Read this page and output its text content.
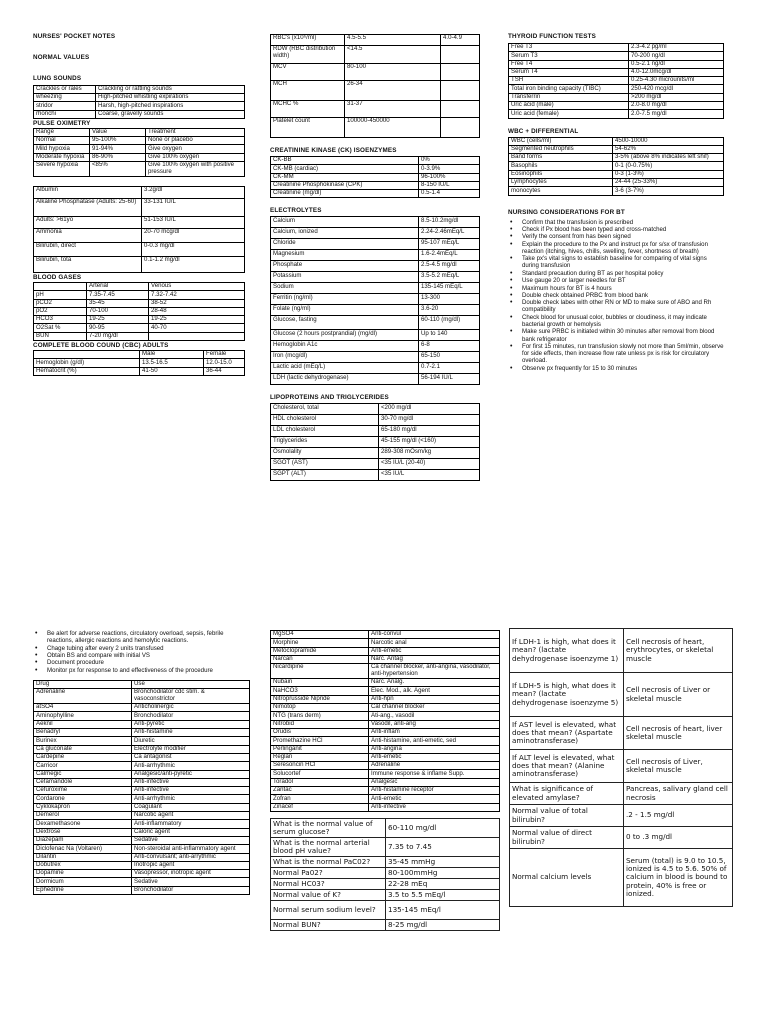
NURSES' POCKET NOTES
NORMAL VALUES
LUNG SOUNDS
Crackles or rales	Crackling or rattling sounds
wheezing	High-pitched whistling expirations
stridor	Harsh, high-pitched inspirations
rhonchi	Coarse, gravelly sounds
PULSE OXIMETRY
Range	Value	Treatment
Normal	95-100%	None or placebo
Mild hypoxia	91-94%	Give oxygen
Moderate hypoxia	86-90%	Give 100% oxygen
Severe hypoxia	<85%	Give 100% oxygen with positive pressure
Albumin	3.2g/dl
Alkaline Phosphatase (Adults: 25-60)	33-131 IU/L
Adults: >61yo	51-153 IU/L
Ammonia	20-70 mcg/dl
Bilirubin, direct	0-0.3 mg/dl
Bilirubin, tota	0.1-1.2 mg/dl
BLOOD GASES
	Arterial	Venous
pH	7.35-7.45	7.32-7.42
pCO2	35-45	38-52
pO2	70-100	28-48
HCO3	19-25	19-25
O2Sat %	90-95	40-70
BUN	7-20 mg/dl	
COMPLETE BLOOD COUND (CBC) ADULTS
	Male	Female
Hemoglobin (g/dl)	13.5-16.5	12.0-15.0
Hematocrit (%)	41-50	36-44
RBC's (x10⁶/ml)	4.5-5.5	4.0-4.9
RDW (RBC distribution width)	<14.5	
MCV	80-100	
MCH	26-34	
MCHC %	31-37	
Platelet count	100000-450000	
CREATININE KINASE (CK) ISOENZYMES
CK-BB	0%
CK-MB (cardiac)	0-3.9%
CK-MM	96-100%
Creatinine Phosphokinase (CPK)	8-150 IU/L
Creatinine (mg/dl)	0.5-1.4
ELECTROLYTES
Calcium	8.5-10.2mg/dl
Calcium, ionized	2.24-2.46mEq/L
Chloride	95-107 mEq/L
Magnesium	1.6-2.4mEq/L
Phosphate	2.5-4.5 mg/dl
Potassium	3.5-5.2 mEq/L
Sodium	135-145 mEq/L
Ferritin (ng/ml)	13-300
Folate (ng/ml)	3.6-20
Glucose, fasting	60-110 (mg/dl)
Glucose (2 hours postprandial) (mg/dl)	Up to 140
Hemoglobin A1c	6-8
Iron (mcg/dl)	65-150
Lactic acid (mEq/L)	0.7-2.1
LDH (lactic dehydrogenase)	56-194 IU/L
LIPOPROTEINS AND TRIGLYCERIDES
Cholesterol, total	<200 mg/dl
HDL cholesterol	30-70 mg/dl
LDL cholesterol	65-180 mg/dl
Triglycerides	45-155 mg/dl (<160)
Osmolality	289-308 mOsm/kg
SGOT (AST)	<35 IU/L (20-40)
SGPT (ALT)	<35 IU/L
THYROID FUNCTION TESTS
Free T3	2.3-4.2 pg/ml
Serum T3	70-200 ng/dl
Free T4	0.5-2.1 ng/dl
Serum T4	4.0-12.0mcg/dl
TSH	0.25-4.30 microunits/ml
Total iron binding capacity (TIBC)	250-420 mcg/dl
Transferrin	>200 mg/dl
Uric acid (male)	2.0-8.0 mg/dl
Uric acid (female)	2.0-7.5 mg/dl
WBC + DIFFERENTIAL
WBC (cells/ml)	4500-10000
Segmented neutrophils	54-62%
Band forms	3-5% (above 8% indicates left shif)
Basophils	0-1 (0-0.75%)
Eosinophils	0-3 (1-3%)
Lymphocytes	24-44 (25-33%)
monocytes	3-6 (3-7%)
NURSING CONSIDERATIONS FOR BT
• Confirm that the transfusion is prescribed
• Check if Px blood has been typed and cross-matched
• Verify the consent from has been signed
• Explain the procedure to the Px and instruct px for s/sx of transfusion reaction (itching, hives, chills, swelling, fever, shortness of breath)
• Take px's vital signs to establish baseline for comparing of vital signs during transfusion
• Standard precaution during BT as per hospital policy
• Use gauge 20 or larger needles for BT
• Maximum hours for BT is 4 hours
• Double check obtained PRBC from blood bank
• Double check labes with other RN or MD to make sure of ABO and Rh compatibility
• Check blood for unusual color, bubbles or cloudiness, it may indicate bacterial growth or hemolysis
• Make sure PRBC is initiated within 30 minutes after removal from blood bank refrigerator
• For first 15 minutes, run transfusion slowly not more than 5ml/min, observe for side effects, then increase flow rate unless px is risk for circulatory overload.
• Observe px frequently for 15 to 30 minutes
• Be alert for adverse reactions, circulatory overload, sepsis, febrile reactions, allergic reactions and hemolytic reactions.
• Chage tubing after every 2 units transfused
• Obtain BS and compare with initial VS
• Document procedure
• Monitor px for response to and effectiveness of the procedure
Drug	Use
Adrenaline	Bronchodilator cdc stim. & vasoconstrictor
atSO4	Anticholinergic
Aminophylline	Bronchodilator
Aeknil	Anti-pyretic
Benadryl	Anti-histamine
Burinex	Diuretic
Ca gluconate	Electrolyte modifier
Cardepine	Ca antagonist
Carricor	Anti-arrhythmic
Calmegic	Analgesic/anti-pyretic
Cefamandole	Anti-infective
Cefuroxime	Anti-infective
Cordarone	Anti-arrhythmic
Cyklokapron	Coagulant
Demerol	Narcotic agent
Dexamethasone	Anti-inflammatory
Dextrose	Caloric agent
Diazepam	Sedative
Diclofenac Na (Voltaren)	Non-steroidal anti-inflammatory agent
Dilantin	Anti-convulsant; anti-arrythmic
Dobutrex	Inotropic agent
Dopamine	Vasopressor, inotropic agent
Dormicum	Sedative
Ephedrine	Bronchodilator
MgSO4	Anti-convul
Morphine	Narcotic anal
Metoclopramide	Anti-emetic
Narcan	Narc. Antag
Nicardipine	Ca channel blocker, anti-angina, vasodilator, anti-hypertension
Nubain	Narc. Analg.
NaHCO3	Elec. Mod., alk. Agent
Nitroprusside Nipride	Anti-hpn
Nimotop	Cal channel blocker
NTG (trans derm)	Ati-ang., vasodil
Nitrobid	Vasodil, anti-ang
Orudis	Anti-inflam
Promethazine HCl	Anti-histamine, anti-emetic, sed
Perlinganit	Anti-angina
Reglan	Anti-emetic
Seresoncin HCl	Adrenaline
Solucortef	Immune response & inflame Supp.
Toradol	Analgesic
Zantac	Anti-histamine receptor
Zofran	Anti-emetic
Zinacef	Anti-infective
What is the normal value of serum glucose?	60-110 mg/dl
What is the normal arterial blood pH value?	7.35 to 7.45
What is the normal PaC02?	35-45 mmHg
Normal Pa02?	80-100mmHg
Normal HC03?	22-28 mEq
Normal value of K?	3.5 to 5.5 mEq/l
Normal serum sodium level?	135-145 mEq/l
Normal BUN?	8-25 mg/dl
If LDH-1 is high, what does it mean? (lactate dehydrogenase isoenzyme 1)	Cell necrosis of heart, erythrocytes, or skeletal muscle
If LDH-5 is high, what does it mean? (lactate dehydrogenase isoenzyme 5)	Cell necrosis of Liver or skeletal muscle
If AST level is elevated, what does that mean? (Aspartate aminotransferase)	Cell necrosis of heart, liver skeletal muscle
If ALT level is elevated, what does that mean? (Alanine aminotransferase)	Cell necrosis of Liver, skeletal muscle
What is significance of elevated amylase?	Pancreas, salivary gland cell necrosis
Normal value of total bilirubin?	.2 - 1.5 mg/dl
Normal value of direct bilirubin?	0 to .3 mg/dl
Normal calcium levels	Serum (total) is 9.0 to 10.5, ionized is 4.5 to 5.6. 50% of calcium in blood is bound to protein, 40% is free or ionized.
